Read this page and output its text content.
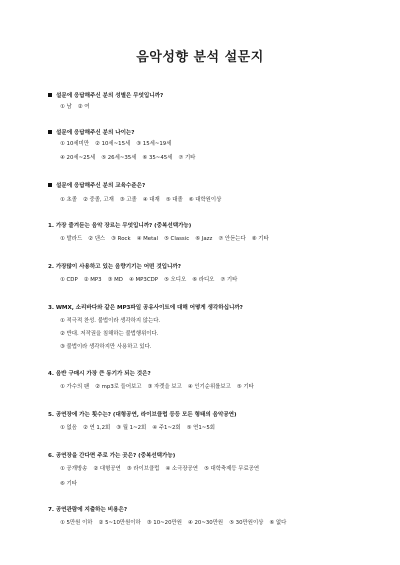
음악성향 분석 설문지
설문에 응답해주신 분의 성별은 무엇입니까?
① 남 ② 여
설문에 응답해주신 분의 나이는?
① 10세미만 ② 10세~15세 ③ 15세~19세
④ 20세~25세 ⑤ 26세~35세 ⑥ 35~45세 ⑦ 기타
설문에 응답해주신 분의 교육수준은?
① 초졸 ② 중졸, 고재 ③ 고졸 ④ 대재 ⑤ 대졸 ⑥ 대학원이상
1. 가장 즐겨듣는 음악 장르는 무엇입니까? (중복선택가능)
① 발라드 ② 댄스 ③ Rock ④ Metal ⑤ Classic ⑥ Jazz ⑦ 안듣는다 ⑧ 기타
2. 가장많이 사용하고 있는 음향기기는 어떤 것입니까?
① CDP ② MP3 ③ MD ④ MP3CDP ⑤ 오디오 ⑥ 라디오 ⑦ 기타
3. WMX, 소리바다와 같은 MP3파일 공유사이트에 대해 어떻게 생각하십니까?
① 적극적 찬성. 불법이라 생각하지 않는다.
② 반대. 저작권을 침해하는 불법행위이다.
③ 불법이라 생각하지만 사용하고 있다.
4. 음반 구매시 가장 큰 동기가 되는 것은?
① 가수의 팬 ② mp3로 들어보고 ③ 자켓을 보고 ④ 인기순위를보고 ⑤ 기타
5. 공연장에 가는 횟수는? (대형공연, 라이브클럽 등등 모든 형태의 음악공연)
① 없음 ② 연 1,2회 ③ 월 1~2회 ④ 주1~2회 ⑤ 연1~5회
6. 공연장을 간다면 주로 가는 곳은? (중복선택가능)
① 공개방송 ② 대형공연 ③ 라이브클럽 ④ 소극장공연 ⑤ 대학축제등 무료공연
⑥ 기타
7. 공연관람에 지출하는 비용은?
① 5만원 이하 ② 5~10만원이하 ③ 10~20만원 ④ 20~30만원 ⑤ 30만원이상 ⑥ 없다
